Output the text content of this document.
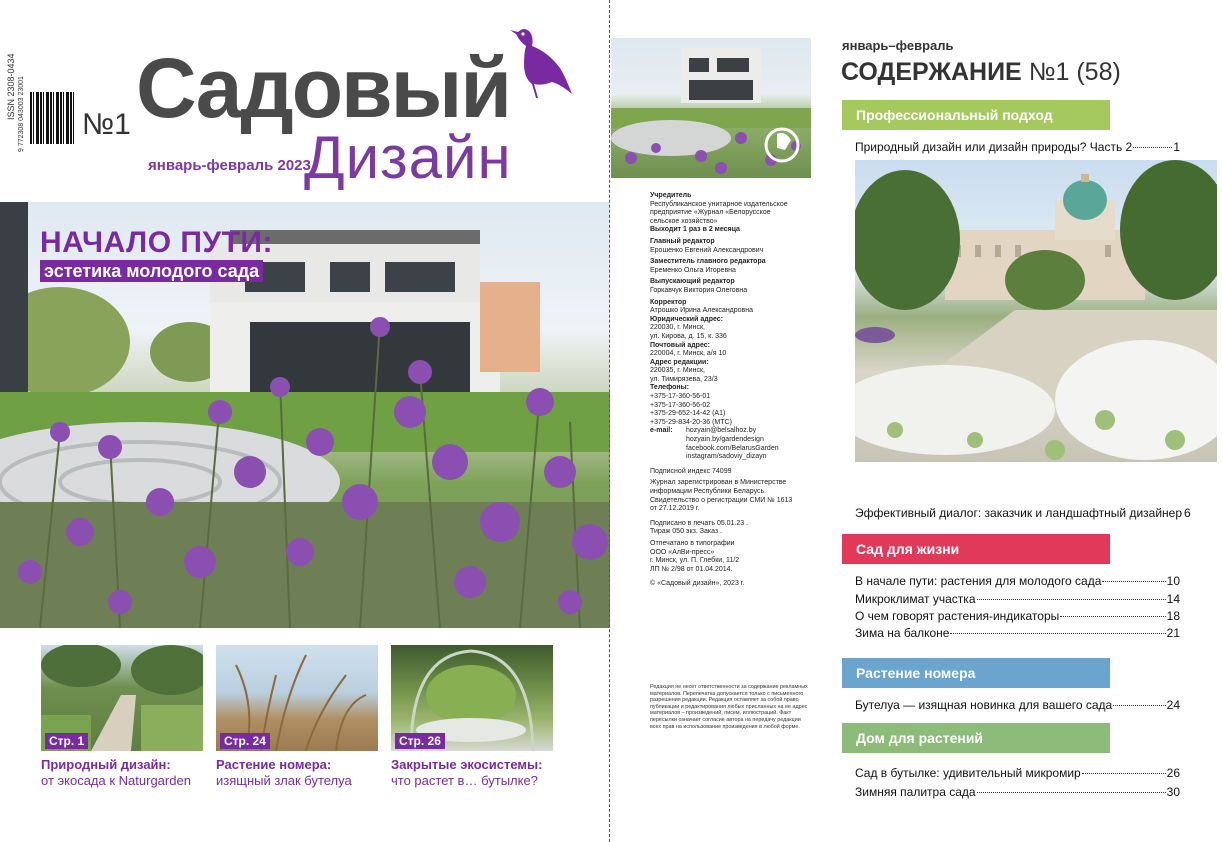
ISSN 2308-0434 9 772308 043003 23001 №1 Садовый
Дизайн
январь-февраль 2023
НАЧАЛО ПУТИ:
эстетика молодого сада
Стр. 1
Природный дизайн:
от экосада к Naturgarden
Стр. 24
Растение номера:
изящный злак бутелуа
Стр. 26
Закрытые экосистемы:
что растет в… бутылке?
Учредитель
Республиканское унитарное издательское
предприятие «Журнал «Белорусское
сельское хозяйство»
Выходит 1 раз в 2 месяца
Главный редактор
Ерошенко Евгений Александрович
Заместитель главного редактора
Еременко Ольга Игоревна
Выпускающий редактор
Горкавчук Виктория Олеговна
Корректор
Атрошко Ирина Александровна
Юридический адрес:
220030, г. Минск,
ул. Кирова, д. 15, к. 336
Почтовый адрес:
220004, г. Минск, а/я 10
Адрес редакции:
220035, г. Минск,
ул. Тимирязева, 23/3
Телефоны:
+375-17-360-56-01
+375-17-360-56-02
+375-29-652-14-42 (А1)
+375-29-834-20-36 (МТС)
e-mail:	hozyain@belsalhoz.by
hozyain.by/gardendesign
facebook.com/BelarusGarden
instagram/sadoviy_dizayn
Подписной индекс 74099
Журнал зарегистрирован в Министерстве
информации Республики Беларусь.
Свидетельство о регистрации СМИ № 1613
от 27.12.2019 г.
Подписано в печать 05.01.23 .
Тираж 050 экз. Заказ .
Отпечатано в типографии
ООО «АлВи-пресс»
г. Минск, ул. П. Глебки, 11/2
ЛП № 2/98 от 01.04.2014.
© «Садовый дизайн», 2023 г.
Редакция не несет ответственности за содержание рекламных материалов. Перепечатка допускается только с письменного разрешения редакции. Редакция оставляет за собой право публикации и редактирования любых присланных на ее адрес материалов – произведений, писем, иллюстраций. Факт пересылки означает согласие автора на передачу редакции всех прав на использование произведения в любой форме.
январь–февраль
СОДЕРЖАНИЕ №1 (58)
Профессиональный подход
Природный дизайн или дизайн природы? Часть 2	1
Эффективный диалог: заказчик и ландшафтный дизайнер 6
Сад для жизни
В начале пути: растения для молодого сада	10
Микроклимат участка	14
О чем говорят растения-индикаторы	18
Зима на балконе	21
Растение номера
Бутелуа — изящная новинка для вашего сада	24
Дом для растений
Сад в бутылке: удивительный микромир	26
Зимняя палитра сада	30
